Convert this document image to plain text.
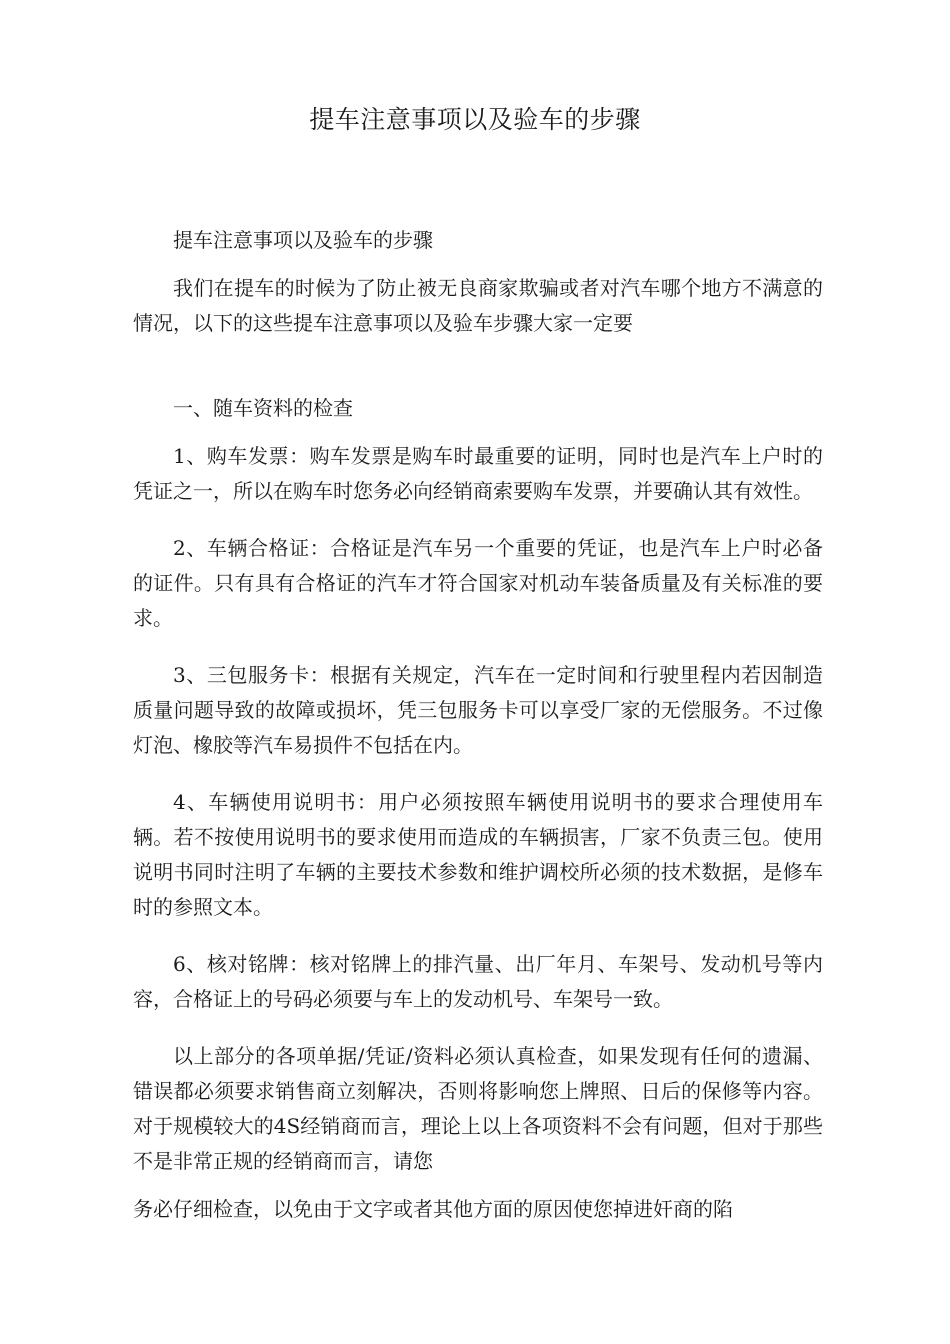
提车注意事项以及验车的步骤

提车注意事项以及验车的步骤

我们在提车的时候为了防止被无良商家欺骗或者对汽车哪个地方不满意的情况，以下的这些提车注意事项以及验车步骤大家一定要

一、随车资料的检查

1、购车发票：购车发票是购车时最重要的证明，同时也是汽车上户时的凭证之一，所以在购车时您务必向经销商索要购车发票，并要确认其有效性。

2、车辆合格证：合格证是汽车另一个重要的凭证，也是汽车上户时必备的证件。只有具有合格证的汽车才符合国家对机动车装备质量及有关标准的要求。

3、三包服务卡：根据有关规定，汽车在一定时间和行驶里程内若因制造质量问题导致的故障或损坏，凭三包服务卡可以享受厂家的无偿服务。不过像灯泡、橡胶等汽车易损件不包括在内。

4、车辆使用说明书：用户必须按照车辆使用说明书的要求合理使用车辆。若不按使用说明书的要求使用而造成的车辆损害，厂家不负责三包。使用说明书同时注明了车辆的主要技术参数和维护调校所必须的技术数据，是修车时的参照文本。

6、核对铭牌：核对铭牌上的排汽量、出厂年月、车架号、发动机号等内容，合格证上的号码必须要与车上的发动机号、车架号一致。

以上部分的各项单据/凭证/资料必须认真检查，如果发现有任何的遗漏、错误都必须要求销售商立刻解决，否则将影响您上牌照、日后的保修等内容。对于规模较大的4S经销商而言，理论上以上各项资料不会有问题，但对于那些不是非常正规的经销商而言，请您

务必仔细检查，以免由于文字或者其他方面的原因使您掉进奸商的陷
